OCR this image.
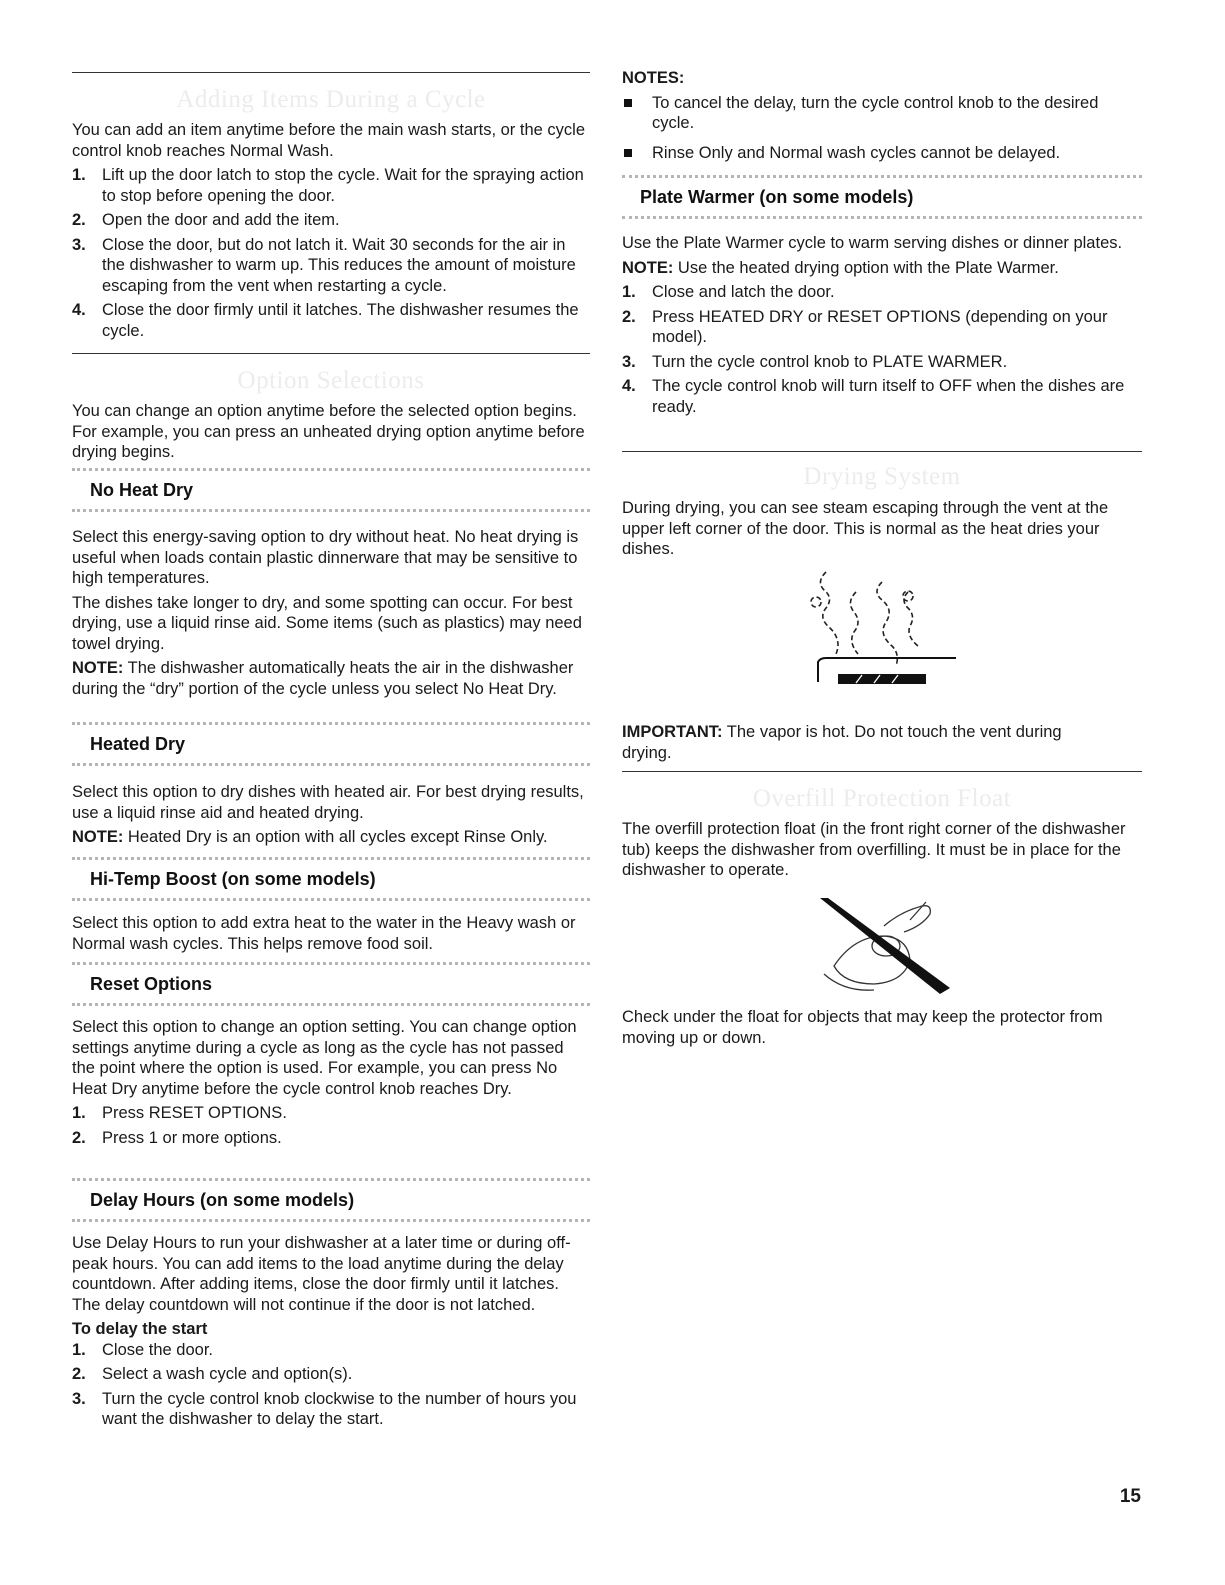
Adding Items During a Cycle

You can add an item anytime before the main wash starts, or the cycle control knob reaches Normal Wash.

1. Lift up the door latch to stop the cycle. Wait for the spraying action to stop before opening the door.

2. Open the door and add the item.

3. Close the door, but do not latch it. Wait 30 seconds for the air in the dishwasher to warm up. This reduces the amount of moisture escaping from the vent when restarting a cycle.

4. Close the door firmly until it latches. The dishwasher resumes the cycle.

Option Selections

You can change an option anytime before the selected option begins. For example, you can press an unheated drying option anytime before drying begins.

No Heat Dry

Select this energy-saving option to dry without heat. No heat drying is useful when loads contain plastic dinnerware that may be sensitive to high temperatures.

The dishes take longer to dry, and some spotting can occur. For best drying, use a liquid rinse aid. Some items (such as plastics) may need towel drying.

NOTE: The dishwasher automatically heats the air in the dishwasher during the “dry” portion of the cycle unless you select No Heat Dry.

Heated Dry

Select this option to dry dishes with heated air. For best drying results, use a liquid rinse aid and heated drying.

NOTE: Heated Dry is an option with all cycles except Rinse Only.

Hi-Temp Boost (on some models)

Select this option to add extra heat to the water in the Heavy wash or Normal wash cycles. This helps remove food soil.

Reset Options

Select this option to change an option setting. You can change option settings anytime during a cycle as long as the cycle has not passed the point where the option is used. For example, you can press No Heat Dry anytime before the cycle control knob reaches Dry.

1. Press RESET OPTIONS.

2. Press 1 or more options.

Delay Hours (on some models)

Use Delay Hours to run your dishwasher at a later time or during off-peak hours. You can add items to the load anytime during the delay countdown. After adding items, close the door firmly until it latches. The delay countdown will not continue if the door is not latched.

To delay the start

1. Close the door.

2. Select a wash cycle and option(s).

3. Turn the cycle control knob clockwise to the number of hours you want the dishwasher to delay the start.

NOTES:

To cancel the delay, turn the cycle control knob to the desired cycle.

Rinse Only and Normal wash cycles cannot be delayed.

Plate Warmer (on some models)

Use the Plate Warmer cycle to warm serving dishes or dinner plates.

NOTE: Use the heated drying option with the Plate Warmer.

1. Close and latch the door.

2. Press HEATED DRY or RESET OPTIONS (depending on your model).

3. Turn the cycle control knob to PLATE WARMER.

4. The cycle control knob will turn itself to OFF when the dishes are ready.

Drying System

During drying, you can see steam escaping through the vent at the upper left corner of the door. This is normal as the heat dries your dishes.

IMPORTANT: The vapor is hot. Do not touch the vent during drying.

Overfill Protection Float

The overfill protection float (in the front right corner of the dishwasher tub) keeps the dishwasher from overfilling. It must be in place for the dishwasher to operate.

Check under the float for objects that may keep the protector from moving up or down.

15
